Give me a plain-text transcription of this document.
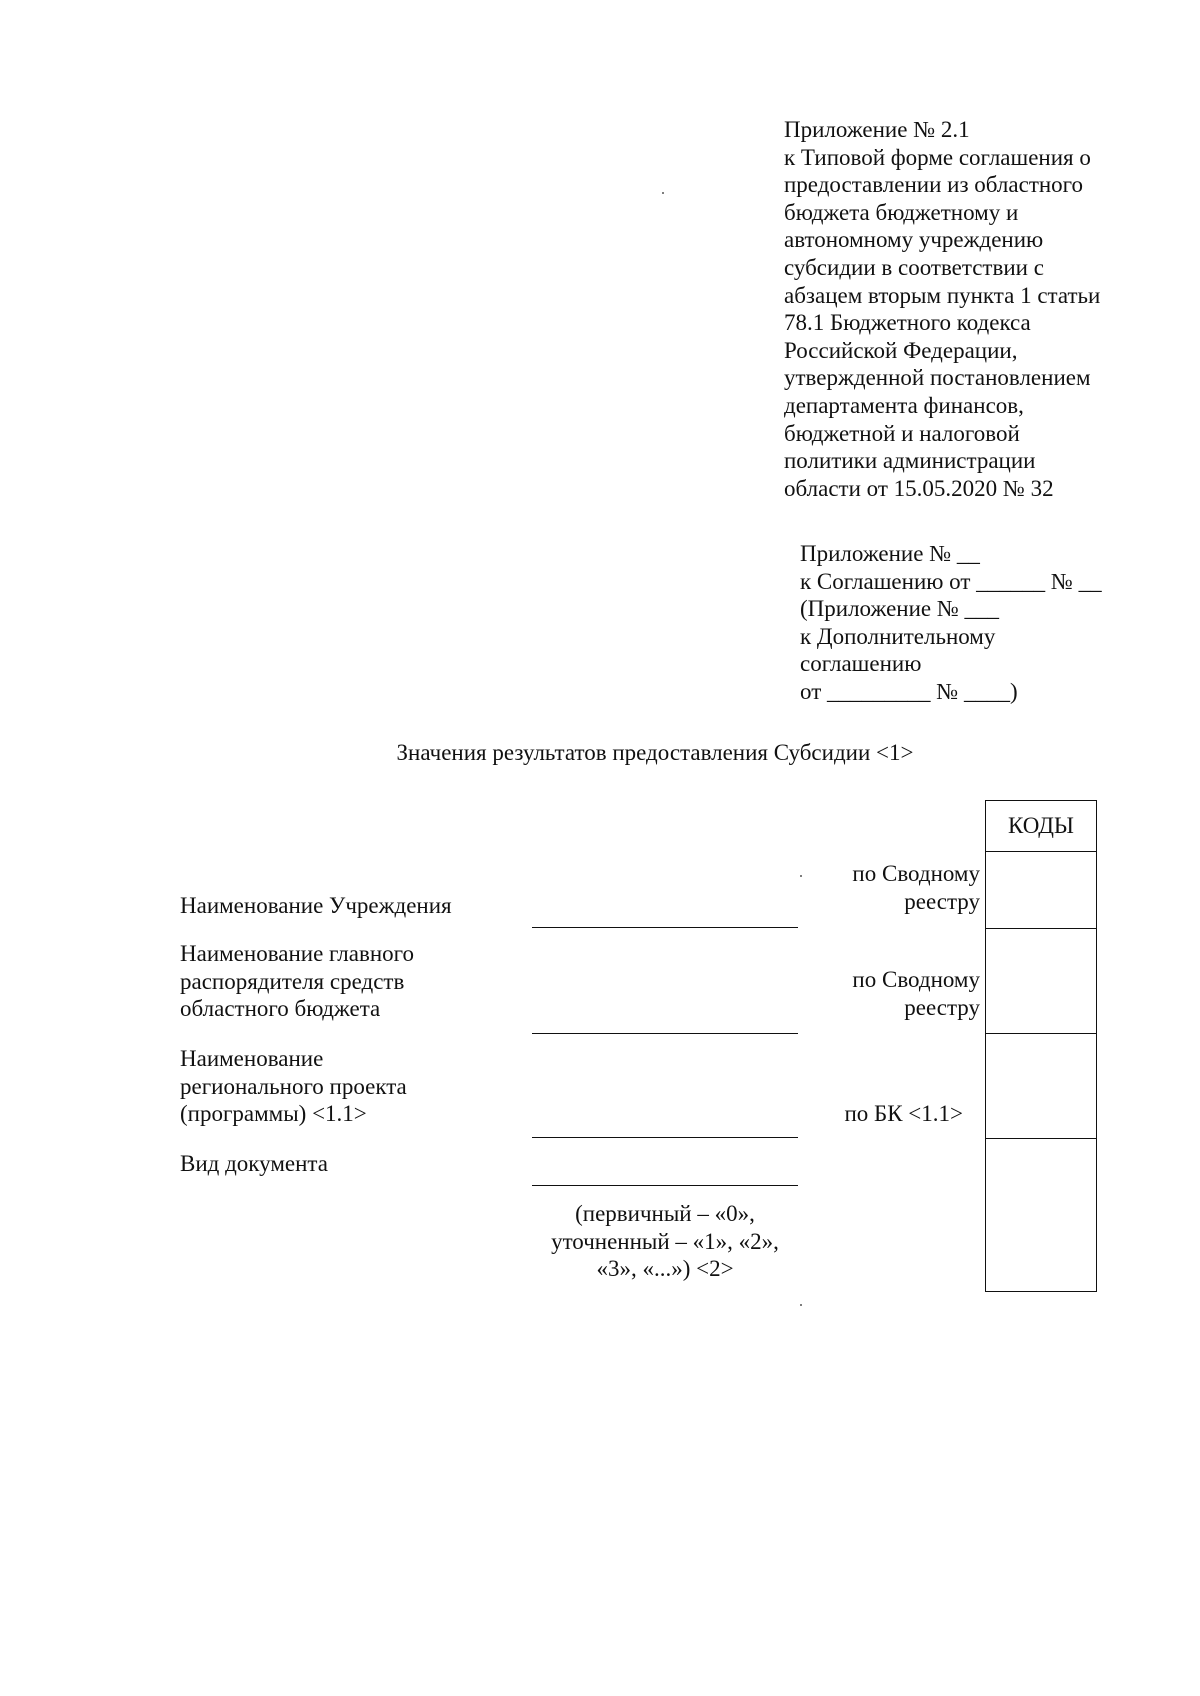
Приложение № 2.1
к Типовой форме соглашения о
предоставлении из областного
бюджета бюджетному и
автономному учреждению
субсидии в соответствии с
абзацем вторым пункта 1 статьи
78.1 Бюджетного кодекса
Российской Федерации,
утвержденной постановлением
департамента финансов,
бюджетной и налоговой
политики администрации
области от 15.05.2020 № 32
Приложение № __
к Соглашению от ______ № __
(Приложение № ___
к Дополнительному
соглашению
от _________ № ____)
Значения результатов предоставления Субсидии <1>
Наименование Учреждения
Наименование главного
распорядителя средств
областного бюджета
Наименование
регионального проекта
(программы) <1.1>
Вид документа
по Сводному
реестру
по Сводному
реестру
по БК <1.1>
КОДЫ
(первичный – «0»,
уточненный – «1», «2»,
«3», «...») <2>
